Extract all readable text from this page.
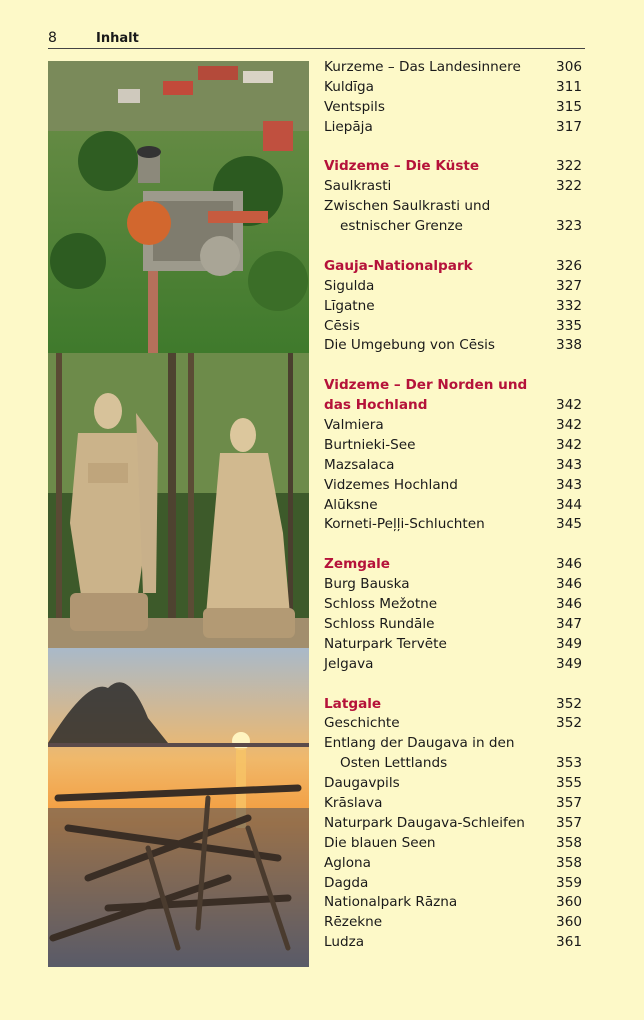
8	Inhalt
Kurzeme – Das Landesinnere	306
Kuldīga	311
Ventspils	315
Liepāja	317
Vidzeme – Die Küste	322
Saulkrasti	322
Zwischen Saulkrasti und
estnischer Grenze	323
Gauja-Nationalpark	326
Sigulda	327
Līgatne	332
Cēsis	335
Die Umgebung von Cēsis	338
Vidzeme – Der Norden und
das Hochland	342
Valmiera	342
Burtnieki-See	342
Mazsalaca	343
Vidzemes Hochland	343
Alūksne	344
Korneti-Peļļi-Schluchten	345
Zemgale	346
Burg Bauska	346
Schloss Mežotne	346
Schloss Rundāle	347
Naturpark Tervēte	349
Jelgava	349
Latgale	352
Geschichte	352
Entlang der Daugava in den
Osten Lettlands	353
Daugavpils	355
Krāslava	357
Naturpark Daugava-Schleifen 357
Die blauen Seen	358
Aglona	358
Dagda	359
Nationalpark Rāzna	360
Rēzekne	360
Ludza	361
